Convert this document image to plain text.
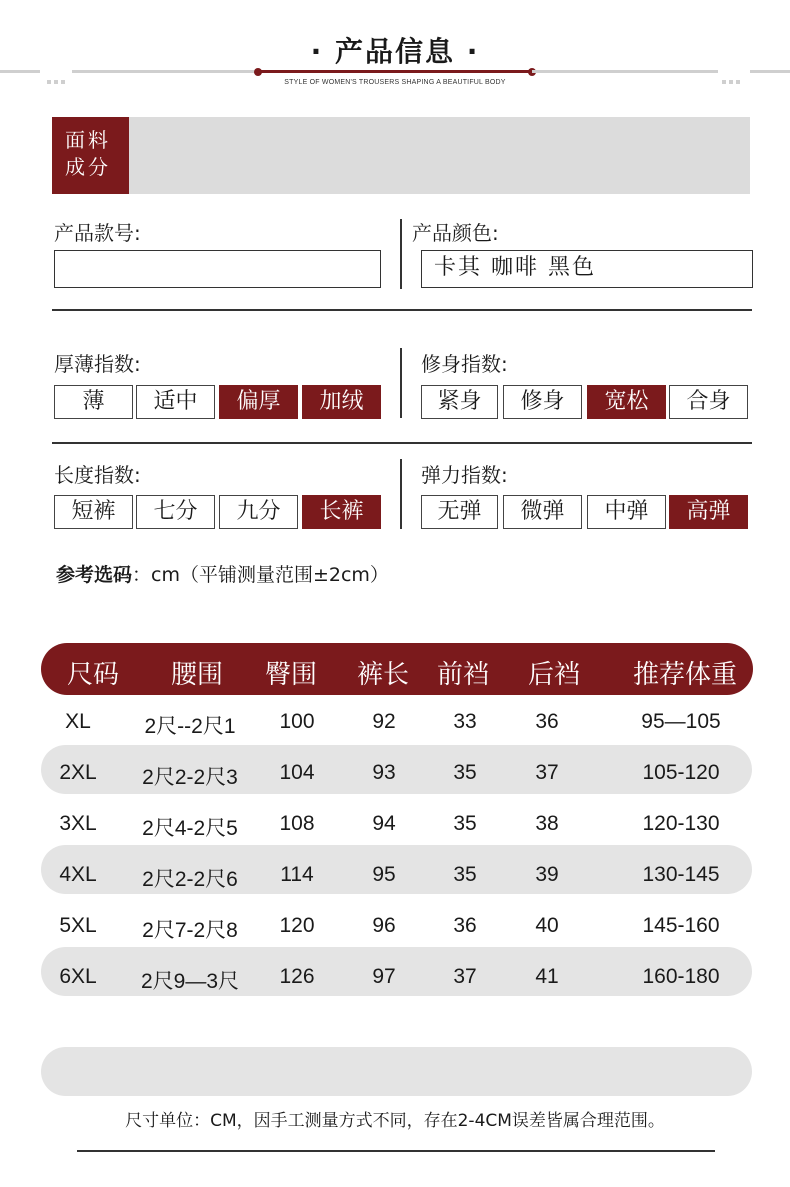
· 产品信息 ·
STYLE OF WOMEN'S TROUSERS SHAPING A BEAUTIFUL BODY
面料
成分
产品款号:	产品颜色:
卡其 咖啡 黑色
厚薄指数:
薄	适中	偏厚	加绒
修身指数:
紧身	修身	宽松	合身
长度指数:
短裤	七分	九分	长裤
弹力指数:
无弹	微弹	中弹	高弹
参考选码：cm（平铺测量范围±2cm）
尺码 腰围 臀围 裤长 前裆 后裆 推荐体重
XL	2尺--2尺1 100	92	33	36	95—105
2XL 2尺2-2尺3 104	93	35	37	105-120
3XL 2尺4-2尺5 108	94	35	38	120-130
4XL 2尺2-2尺6 114	95	35	39	130-145
5XL 2尺7-2尺8 120	96	36	40	145-160
6XL 2尺9—3尺 126	97	37	41	160-180
尺寸单位：CM，因手工测量方式不同，存在2-4CM误差皆属合理范围。
